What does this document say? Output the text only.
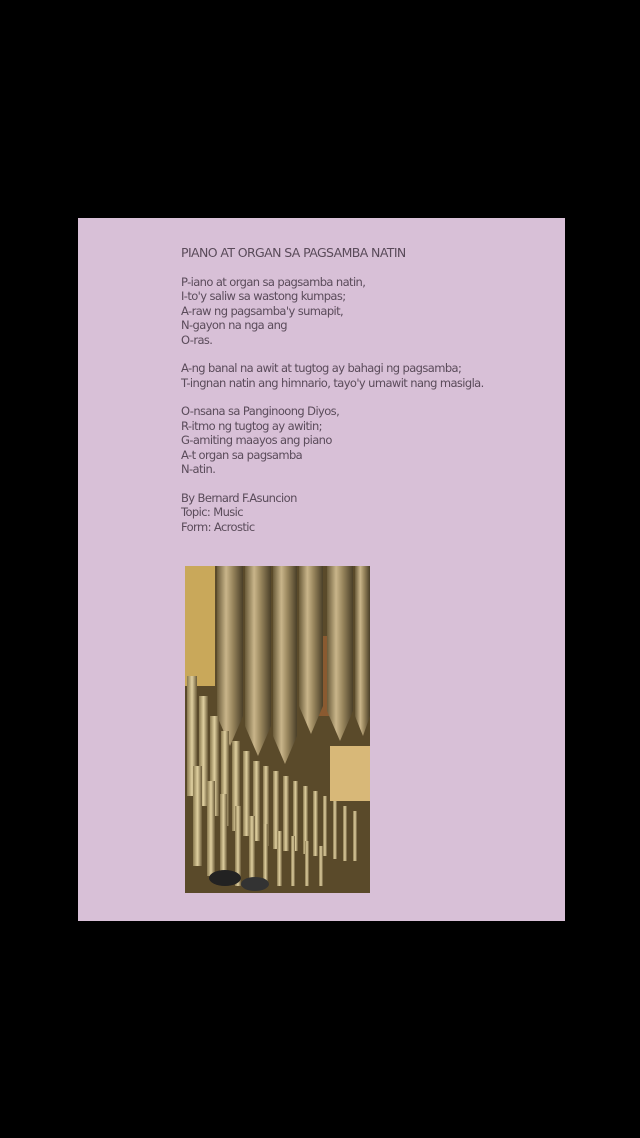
PIANO AT ORGAN SA PAGSAMBA NATIN
P-iano at organ sa pagsamba natin,
I-to'y saliw sa wastong kumpas;
A-raw ng pagsamba'y sumapit,
N-gayon na nga ang
O-ras.
A-ng banal na awit at tugtog ay bahagi ng pagsamba;
T-ingnan natin ang himnario, tayo'y umawit nang masigla.
O-nsana sa Panginoong Diyos,
R-itmo ng tugtog ay awitin;
G-amiting maayos ang piano
A-t organ sa pagsamba
N-atin.
By Bernard F.Asuncion
Topic: Music
Form: Acrostic
